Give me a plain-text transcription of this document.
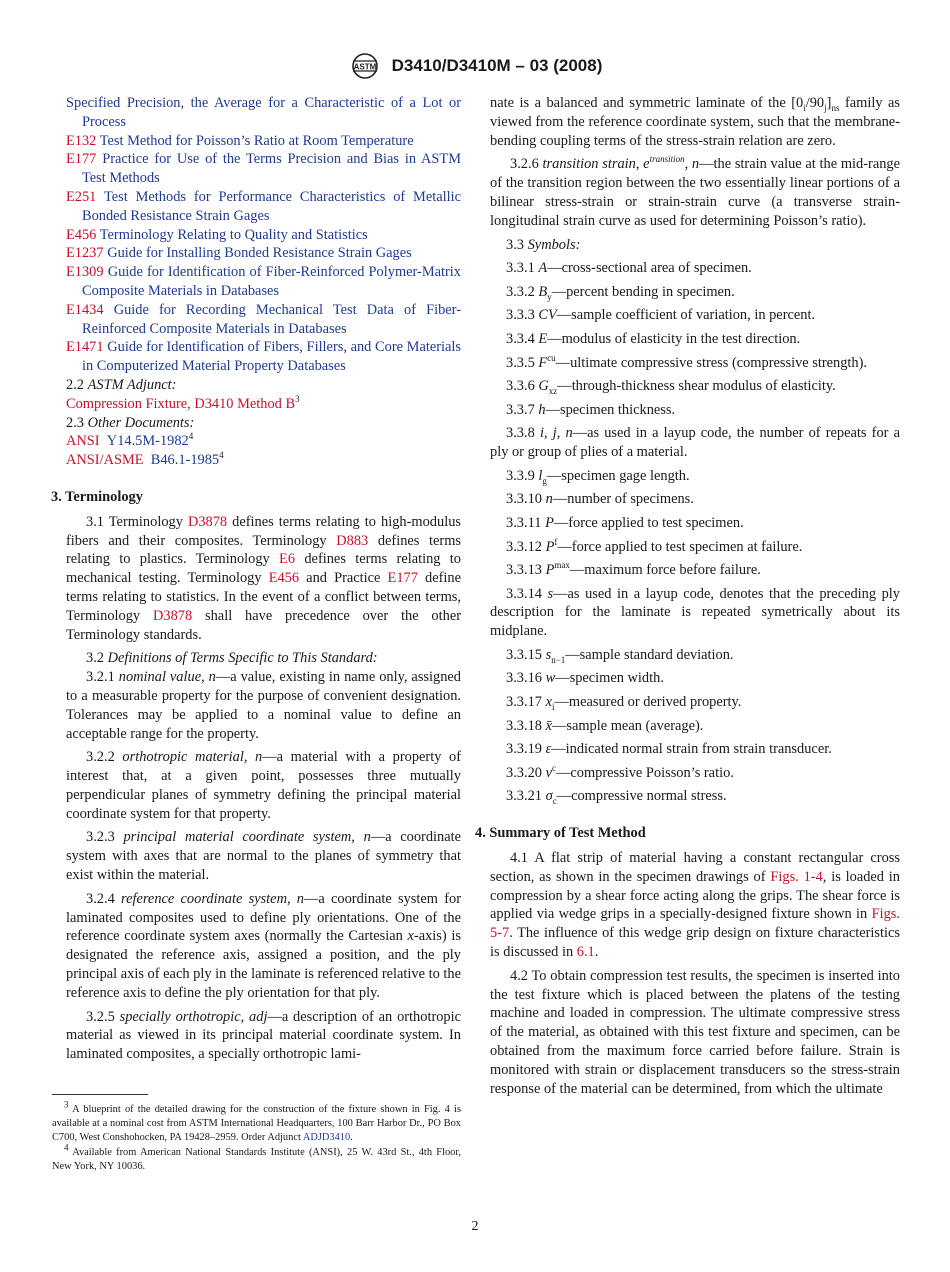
ASTM D3410/D3410M – 03 (2008)

Specified Precision, the Average for a Characteristic of a Lot or Process

E132 Test Method for Poisson’s Ratio at Room Temperature

E177 Practice for Use of the Terms Precision and Bias in ASTM Test Methods

E251 Test Methods for Performance Characteristics of Metallic Bonded Resistance Strain Gages

E456 Terminology Relating to Quality and Statistics

E1237 Guide for Installing Bonded Resistance Strain Gages

E1309 Guide for Identification of Fiber-Reinforced Polymer-Matrix Composite Materials in Databases

E1434 Guide for Recording Mechanical Test Data of Fiber-Reinforced Composite Materials in Databases

E1471 Guide for Identification of Fibers, Fillers, and Core Materials in Computerized Material Property Databases

2.2 ASTM Adjunct:

Compression Fixture, D3410 Method $B^3$

2.3 Other Documents:

ANSI Y14.5M-1982$^4$

ANSI/ASME B46.1-1985$^4$

3. Terminology

3.1 Terminology D3878 defines terms relating to high-modulus fibers and their composites. Terminology D883 defines terms relating to plastics. Terminology E6 defines terms relating to mechanical testing. Terminology E456 and Practice E177 define terms relating to statistics. In the event of a conflict between terms, Terminology D3878 shall have precedence over the other Terminology standards.

3.2 Definitions of Terms Specific to This Standard:

3.2.1 nominal value, n—a value, existing in name only, assigned to a measurable property for the purpose of convenient designation. Tolerances may be applied to a nominal value to define an acceptable range for the property.

3.2.2 orthotropic material, n—a material with a property of interest that, at a given point, possesses three mutually perpendicular planes of symmetry defining the principal material coordinate system for that property.

3.2.3 principal material coordinate system, n—a coordinate system with axes that are normal to the planes of symmetry that exist within the material.

3.2.4 reference coordinate system, n—a coordinate system for laminated composites used to define ply orientations. One of the reference coordinate system axes (normally the Cartesian x-axis) is designated the reference axis, assigned a position, and the ply principal axis of each ply in the laminate is referenced relative to the reference axis to define the ply orientation for that ply.

3.2.5 specially orthotropic, adj—a description of an orthotropic material as viewed in its principal material coordinate system. In laminated composites, a specially orthotropic lami-

nate is a balanced and symmetric laminate of the $[0_i/90_j]_{ns}$ family as viewed from the reference coordinate system, such that the membrane-bending coupling terms of the stress-strain relation are zero.

3.2.6 transition strain, $e^{transition}$, n—the strain value at the mid-range of the transition region between the two essentially linear portions of a bilinear stress-strain or strain-strain curve (a transverse strain-longitudinal strain curve as used for determining Poisson’s ratio).

3.3 Symbols:

3.3.1 A—cross-sectional area of specimen.

3.3.2 $B_y—percent$ bending in specimen.

3.3.3 CV—sample coefficient of variation, in percent.

3.3.4 E—modulus of elasticity in the test direction.

3.3.5 $F^{cu}—ultimate$ compressive stress (compressive strength).

3.3.6 $G_{xz}—through$-thickness shear modulus of elasticity.

3.3.7 h—specimen thickness.

3.3.8 i, j, n—as used in a layup code, the number of repeats for a ply or group of plies of a material.

3.3.9 $l_g—specimen$ gage length.

3.3.10 n—number of specimens.

3.3.11 P—force applied to test specimen.

3.3.12 $P^f—force$ applied to test specimen at failure.

3.3.13 $P^{max}—maximum$ force before failure.

3.3.14 s—as used in a layup code, denotes that the preceding ply description for the laminate is repeated symetrically about its midplane.

3.3.15 $s_{n-1}—sample$ standard deviation.

3.3.16 w—specimen width.

3.3.17 $x_i—measured$ or derived property.

3.3.18 x̄—sample mean (average).

3.3.19 ε—indicated normal strain from strain transducer.

3.3.20 $\nu^c—compressive$ Poisson’s ratio.

3.3.21 $\sigma_c—compressive$ normal stress.

4. Summary of Test Method

4.1 A flat strip of material having a constant rectangular cross section, as shown in the specimen drawings of Figs. 1-4, is loaded in compression by a shear force acting along the grips. The shear force is applied via wedge grips in a specially-designed fixture shown in Figs. 5-7. The influence of this wedge grip design on fixture characteristics is discussed in 6.1.

4.2 To obtain compression test results, the specimen is inserted into the test fixture which is placed between the platens of the testing machine and loaded in compression. The ultimate compressive stress of the material, as obtained with this test fixture and specimen, can be obtained from the maximum force carried before failure. Strain is monitored with strain or displacement transducers so the stress-strain response of the material can be determined, from which the ultimate

$^3$ A blueprint of the detailed drawing for the construction of the fixture shown in Fig. 4 is available at a nominal cost from ASTM International Headquarters, 100 Barr Harbor Dr., PO Box C700, West Conshohocken, PA 19428–2959. Order Adjunct ADJD3410.

$^4$ Available from American National Standards Institute (ANSI), 25 W. 43rd St., 4th Floor, New York, NY 10036.

2
